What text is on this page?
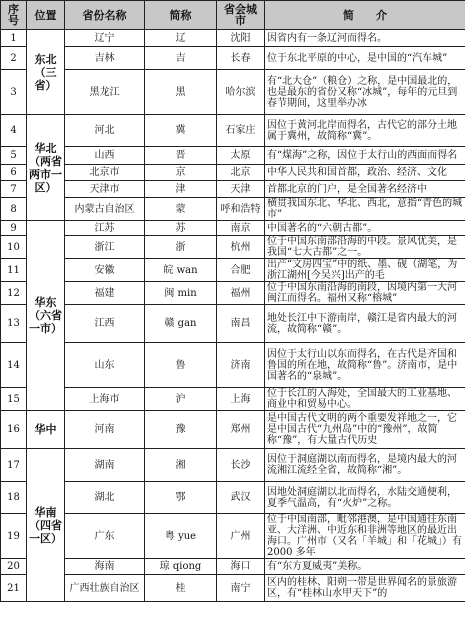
序号	位置	省份名称	简称	省会城市	简　　介
1	东北（三省）	辽宁	辽	沈阳	因省内有一条辽河而得名。
2		吉林	吉	长春	位于东北平原的中心，是中国的“汽车城”
3		黑龙江	黑	哈尔滨	有“北大仓”（粮仓）之称，是中国最北的，也是最东的省份又称“冰城”，每年的元旦到春节期间，这里举办冰
4	华北（两省两市一区）	河北	冀	石家庄	因位于黄河北岸而得名，古代它的部分土地属于冀州，故简称“冀”。
5		山西	晋	太原	有“煤海”之称，因位于太行山的西面而得名
6		北京市	京	北京	中华人民共和国首都，政治、经济、文化
7		天津市	津	天津	首都北京的门户，是全国著名经济中
8		内蒙古自治区	蒙	呼和浩特	横贯我国东北、华北、西北，意指“青色的城市”
9	华东（六省一市）	江苏	苏	南京	中国著名的“六朝古都”。
10		浙江	浙	杭州	位于中国东南部沿海的中段。景风优美，是我国“七大古都”之一。
11		安徽	皖 wan	合肥	出产“文房四宝”中的纸、墨、砚（湖笔，为浙江湖州[今吴兴]出产的毛
12		福建	闽 min	福州	位于中国东南沿海的南段，因境内第一大河闽江而得名。福州又称“榕城”
13		江西	赣 gan	南昌	地处长江中下游南岸，赣江是省内最大的河流，故简称“赣”。
14		山东	鲁	济南	因位于太行山以东而得名，在古代是齐国和鲁国的所在地，故简称“鲁”。济南市，是中国著名的“泉城”。
15		上海市	沪	上海	位于长江的入海处，全国最大的工业基地、商业中和贸易中心。
16	华中	河南	豫	郑州	是中国古代文明的两个重要发祥地之一，它是中国古代“九州岛”中的“豫州”，故简称“豫”，有大量古代历史
17	华南（四省一区）	湖南	湘	长沙	因位于洞庭湖以南而得名，是境内最大的河流湘江流经全省，故简称“湘”。
18		湖北	鄂	武汉	因地处洞庭湖以北而得名，水陆交通便利，夏季气温高，有“火炉”之称。
19		广东	粤 yue	广州	位于中国南部，毗邻港澳，是中国通往东南亚、大洋洲、中近东和非洲等地区的最近出海口。广州市（又名「羊城」和「花城」）有 2000 多年
20		海南	琼 qiong	海口	有“东方夏威夷”美称。
21		广西壮族自治区	桂	南宁	区内的桂林、阳朔一带是世界闻名的景旅游区，有“桂林山水甲天下”的
